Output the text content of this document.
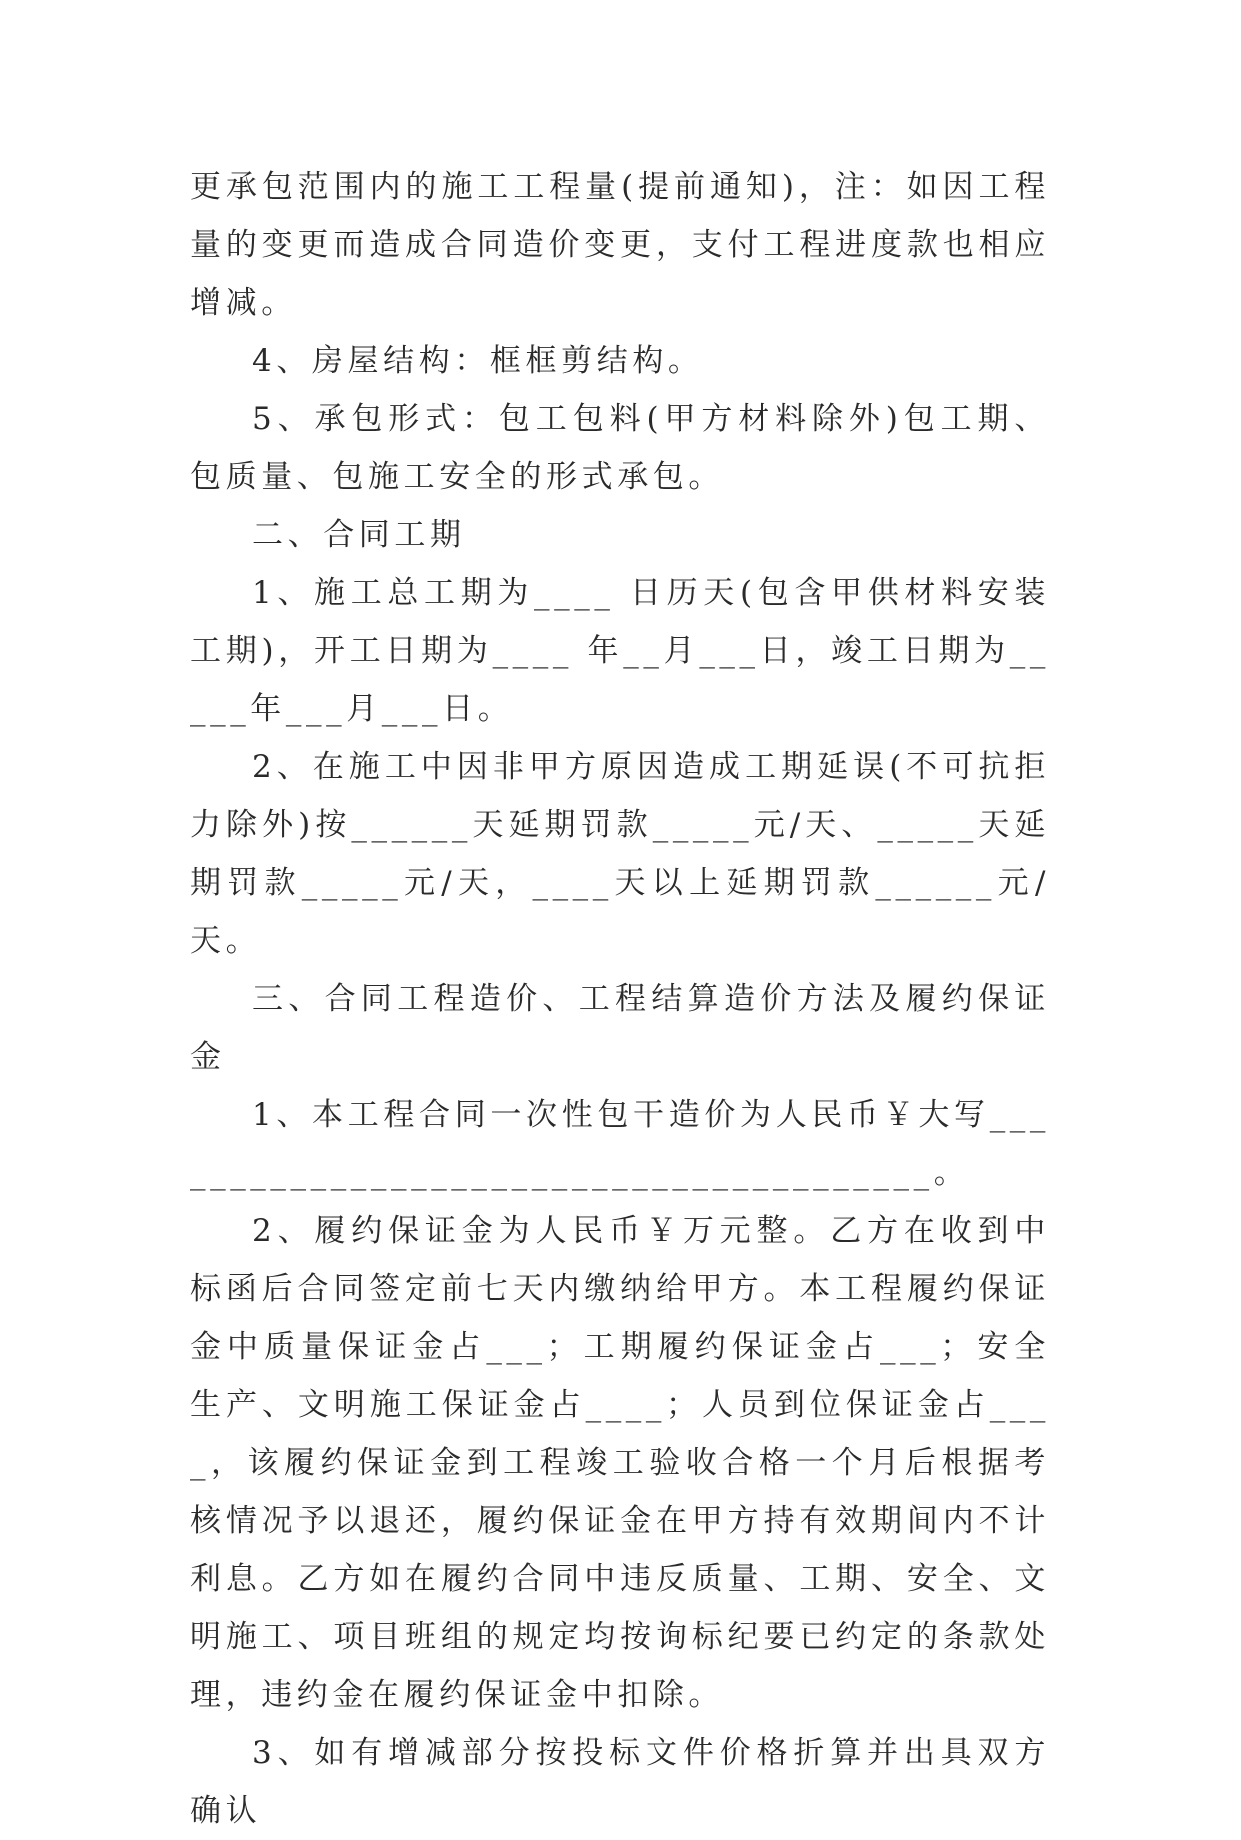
更承包范围内的施工工程量(提前通知)，注：如因工程量的变更而造成合同造价变更，支付工程进度款也相应增减。

4、房屋结构：框框剪结构。

5、承包形式：包工包料(甲方材料除外)包工期、包质量、包施工安全的形式承包。

二、合同工期

1、施工总工期为____ 日历天(包含甲供材料安装工期)，开工日期为____ 年__月___日，竣工日期为_____年___月___日。

2、在施工中因非甲方原因造成工期延误(不可抗拒力除外)按______天延期罚款_____元/天、_____天延期罚款_____元/天，____天以上延期罚款______元/天。

三、合同工程造价、工程结算造价方法及履约保证金

1、本工程合同一次性包干造价为人民币￥大写________________________________________。

2、履约保证金为人民币￥万元整。乙方在收到中标函后合同签定前七天内缴纳给甲方。本工程履约保证金中质量保证金占___；工期履约保证金占___；安全生产、文明施工保证金占____；人员到位保证金占____，该履约保证金到工程竣工验收合格一个月后根据考核情况予以退还，履约保证金在甲方持有效期间内不计利息。乙方如在履约合同中违反质量、工期、安全、文明施工、项目班组的规定均按询标纪要已约定的条款处理，违约金在履约保证金中扣除。

3、如有增减部分按投标文件价格折算并出具双方确认
